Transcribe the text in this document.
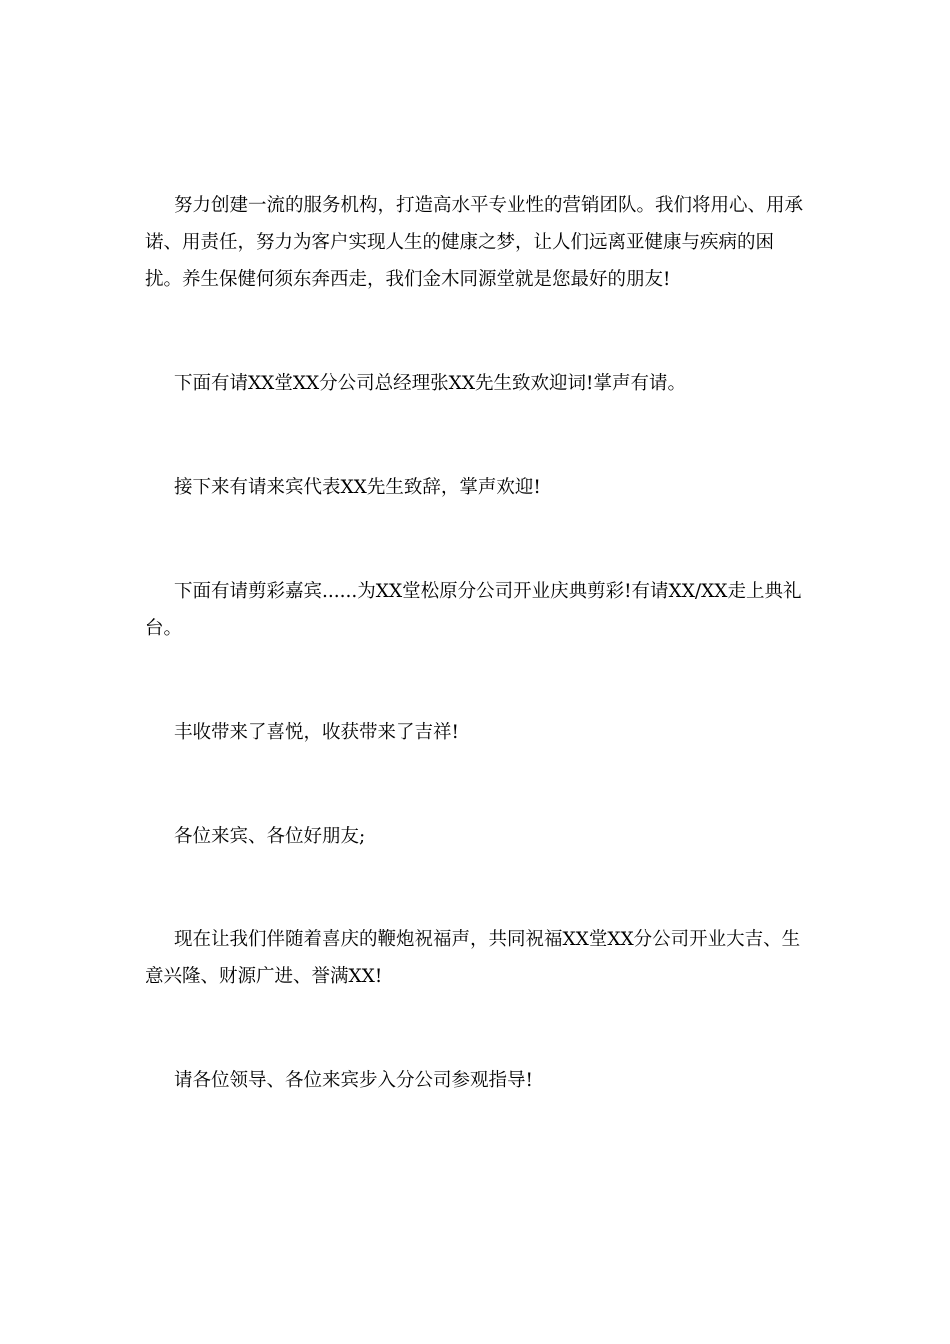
努力创建一流的服务机构，打造高水平专业性的营销团队。我们将用心、用承诺、用责任，努力为客户实现人生的健康之梦，让人们远离亚健康与疾病的困扰。养生保健何须东奔西走，我们金木同源堂就是您最好的朋友!

下面有请XX堂XX分公司总经理张XX先生致欢迎词!掌声有请。

接下来有请来宾代表XX先生致辞，掌声欢迎!

下面有请剪彩嘉宾......为XX堂松原分公司开业庆典剪彩!有请XX/XX走上典礼台。

丰收带来了喜悦，收获带来了吉祥!

各位来宾、各位好朋友;

现在让我们伴随着喜庆的鞭炮祝福声，共同祝福XX堂XX分公司开业大吉、生意兴隆、财源广进、誉满XX!

请各位领导、各位来宾步入分公司参观指导!
